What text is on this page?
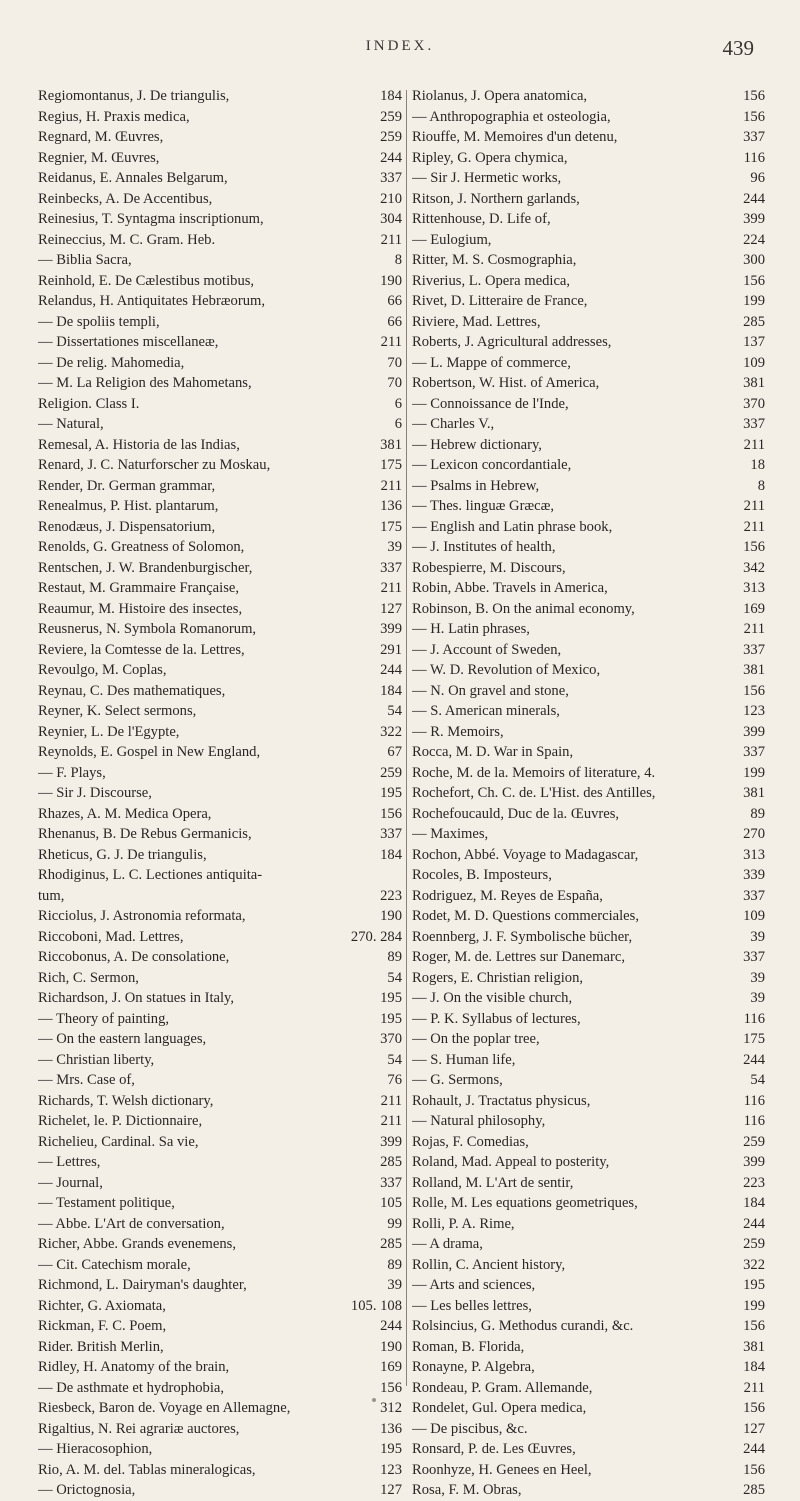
INDEX.	439
Regiomontanus, J. De triangulis,	184
Regius, H. Praxis medica,	259
Regnard, M. Œuvres,	259
Regnier, M. Œuvres,	244
Reidanus, E. Annales Belgarum,	337
Reinbecks, A. De Accentibus,	210
Reinesius, T. Syntagma inscriptionum,	304
Reineccius, M. C. Gram. Heb.	211
— Biblia Sacra,	8
Reinhold, E. De Cælestibus motibus,	190
Relandus, H. Antiquitates Hebræorum,	66
— De spoliis templi,	66
— Dissertationes miscellaneæ,	211
— De relig. Mahomedia,	70
— M. La Religion des Mahometans,	70
Religion. Class I.	6
— Natural,	6
Remesal, A. Historia de las Indias,	381
Renard, J. C. Naturforscher zu Moskau,	175
Render, Dr. German grammar,	211
Renealmus, P. Hist. plantarum,	136
Renodæus, J. Dispensatorium,	175
Renolds, G. Greatness of Solomon,	39
Rentschen, J. W. Brandenburgischer,	337
Restaut, M. Grammaire Française,	211
Reaumur, M. Histoire des insectes,	127
Reusnerus, N. Symbola Romanorum,	399
Reviere, la Comtesse de la. Lettres,	291
Revoulgo, M. Coplas,	244
Reynau, C. Des mathematiques,	184
Reyner, K. Select sermons,	54
Reynier, L. De l'Egypte,	322
Reynolds, E. Gospel in New England,	67
— F. Plays,	259
— Sir J. Discourse,	195
Rhazes, A. M. Medica Opera,	156
Rhenanus, B. De Rebus Germanicis,	337
Rheticus, G. J. De triangulis,	184
Rhodiginus, L. C. Lectiones antiquita-
tum,	223
Ricciolus, J. Astronomia reformata,	190
Riccoboni, Mad. Lettres,	270. 284
Riccobonus, A. De consolatione,	89
Rich, C. Sermon,	54
Richardson, J. On statues in Italy,	195
— Theory of painting,	195
— On the eastern languages,	370
— Christian liberty,	54
— Mrs. Case of,	76
Richards, T. Welsh dictionary,	211
Richelet, le. P. Dictionnaire,	211
Richelieu, Cardinal. Sa vie,	399
— Lettres,	285
— Journal,	337
— Testament politique,	105
— Abbe. L'Art de conversation,	99
Richer, Abbe. Grands evenemens,	285
— Cit. Catechism morale,	89
Richmond, L. Dairyman's daughter,	39
Richter, G. Axiomata,	105. 108
Rickman, F. C. Poem,	244
Rider. British Merlin,	190
Ridley, H. Anatomy of the brain,	169
— De asthmate et hydrophobia,	156
Riesbeck, Baron de. Voyage en Allemagne,	312
Rigaltius, N. Rei agrariæ auctores,	136
— Hieracosophion,	195
Rio, A. M. del. Tablas mineralogicas,	123
— Orictognosia,	127
Riolanus, J. Opera anatomica,	156
— Anthropographia et osteologia,	156
Riouffe, M. Memoires d'un detenu,	337
Ripley, G. Opera chymica,	116
— Sir J. Hermetic works,	96
Ritson, J. Northern garlands,	244
Rittenhouse, D. Life of,	399
— Eulogium,	224
Ritter, M. S. Cosmographia,	300
Riverius, L. Opera medica,	156
Rivet, D. Litteraire de France,	199
Riviere, Mad. Lettres,	285
Roberts, J. Agricultural addresses,	137
— L. Mappe of commerce,	109
Robertson, W. Hist. of America,	381
— Connoissance de l'Inde,	370
— Charles V.,	337
— Hebrew dictionary,	211
— Lexicon concordantiale,	18
— Psalms in Hebrew,	8
— Thes. linguæ Græcæ,	211
— English and Latin phrase book,	211
— J. Institutes of health,	156
Robespierre, M. Discours,	342
Robin, Abbe. Travels in America,	313
Robinson, B. On the animal economy,	169
— H. Latin phrases,	211
— J. Account of Sweden,	337
— W. D. Revolution of Mexico,	381
— N. On gravel and stone,	156
— S. American minerals,	123
— R. Memoirs,	399
Rocca, M. D. War in Spain,	337
Roche, M. de la. Memoirs of literature, 4.	199
Rochefort, Ch. C. de. L'Hist. des Antilles,	381
Rochefoucauld, Duc de la. Œuvres,	89
— Maximes,	270
Rochon, Abbé. Voyage to Madagascar,	313
Rocoles, B. Imposteurs,	339
Rodriguez, M. Reyes de España,	337
Rodet, M. D. Questions commerciales,	109
Roennberg, J. F. Symbolische bücher,	39
Roger, M. de. Lettres sur Danemarc,	337
Rogers, E. Christian religion,	39
— J. On the visible church,	39
— P. K. Syllabus of lectures,	116
— On the poplar tree,	175
— S. Human life,	244
— G. Sermons,	54
Rohault, J. Tractatus physicus,	116
— Natural philosophy,	116
Rojas, F. Comedias,	259
Roland, Mad. Appeal to posterity,	399
Rolland, M. L'Art de sentir,	223
Rolle, M. Les equations geometriques,	184
Rolli, P. A. Rime,	244
— A drama,	259
Rollin, C. Ancient history,	322
— Arts and sciences,	195
— Les belles lettres,	199
Rolsincius, G. Methodus curandi, &c.	156
Roman, B. Florida,	381
Ronayne, P. Algebra,	184
Rondeau, P. Gram. Allemande,	211
Rondelet, Gul. Opera medica,	156
— De piscibus, &c.	127
Ronsard, P. de. Les Œuvres,	244
Roonhyze, H. Genees en Heel,	156
Rosa, F. M. Obras,	285
